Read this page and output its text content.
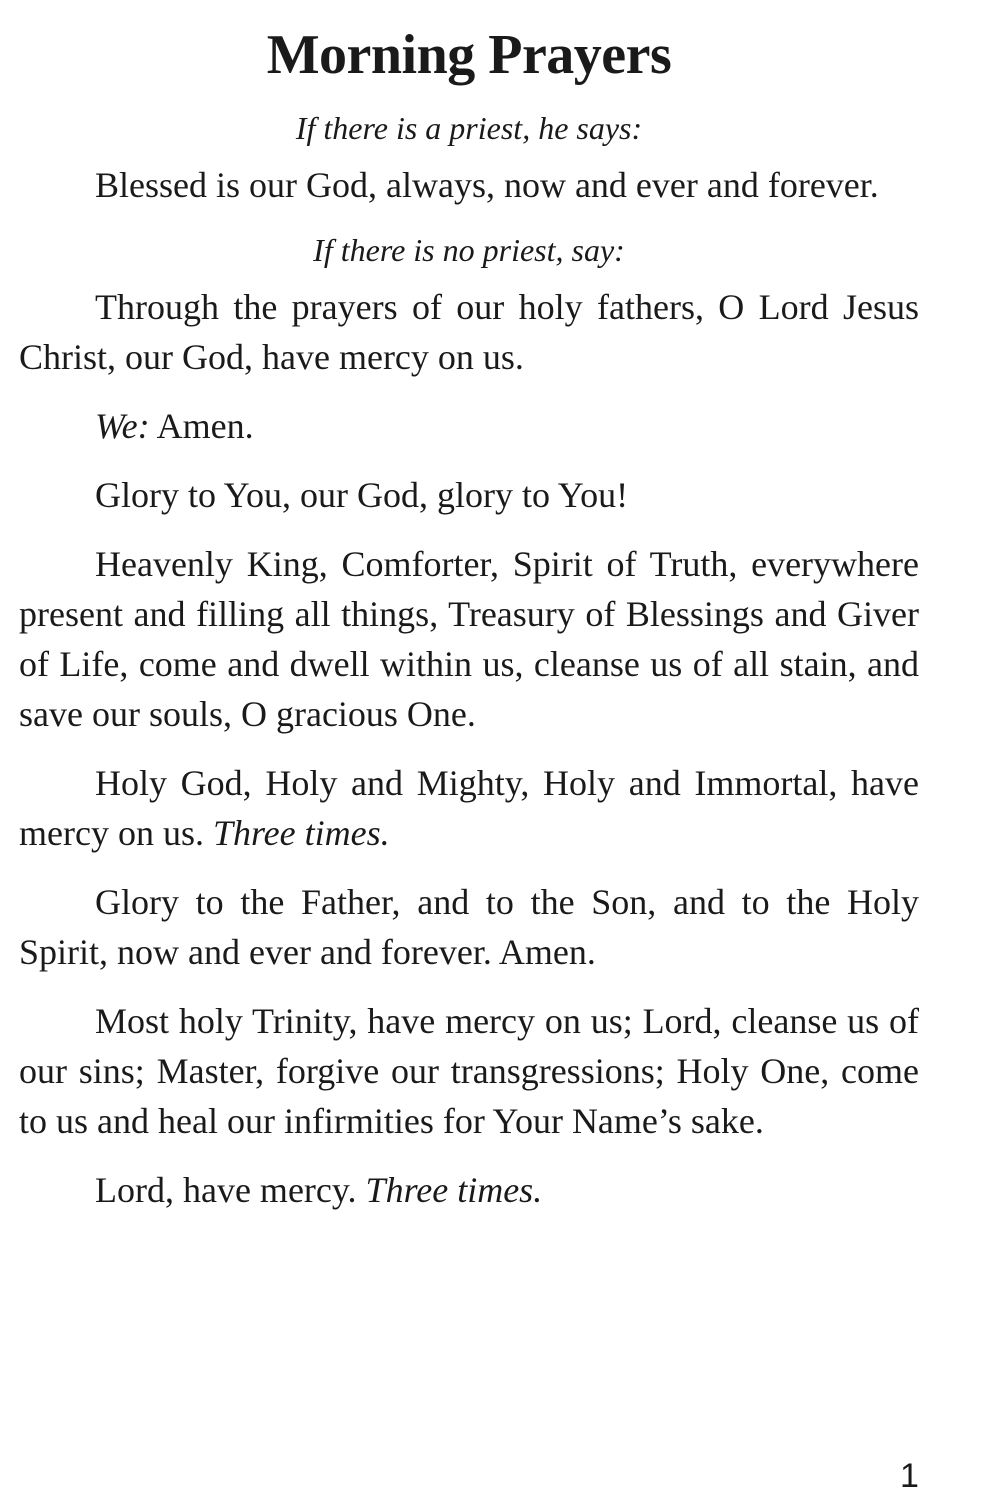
Morning Prayers

If there is a priest, he says:

Blessed is our God, always, now and ever and forever.

If there is no priest, say:

Through the prayers of our holy fathers, O Lord Jesus Christ, our God, have mercy on us.

We: Amen.

Glory to You, our God, glory to You!

Heavenly King, Comforter, Spirit of Truth, everywhere present and filling all things, Treasury of Blessings and Giver of Life, come and dwell within us, cleanse us of all stain, and save our souls, O gracious One.

Holy God, Holy and Mighty, Holy and Immortal, have mercy on us. Three times.

Glory to the Father, and to the Son, and to the Holy Spirit, now and ever and forever. Amen.

Most holy Trinity, have mercy on us; Lord, cleanse us of our sins; Master, forgive our transgressions; Holy One, come to us and heal our infirmities for Your Name’s sake.

Lord, have mercy. Three times.

1
